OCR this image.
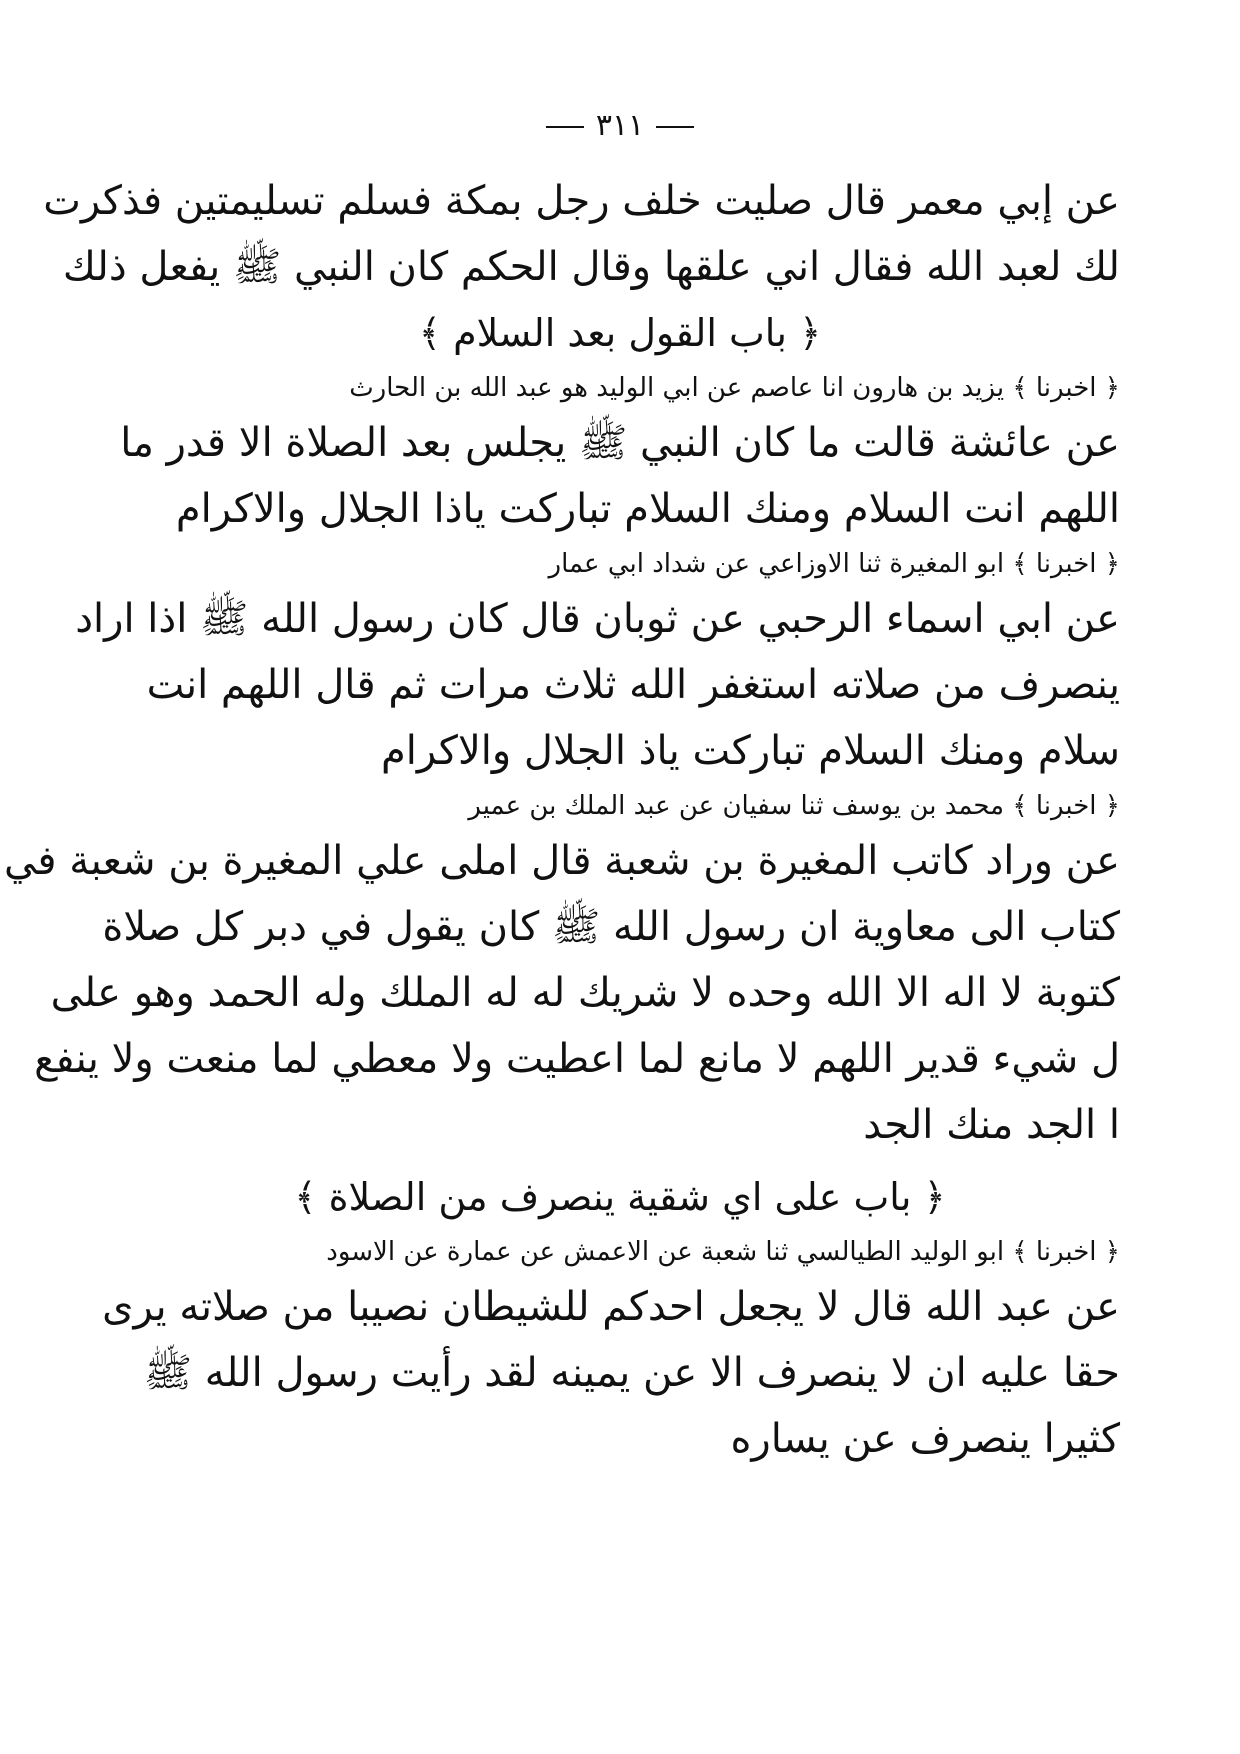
٣١١
عن إبي معمر قال صليت خلف رجل بمكة فسلم تسليمتين فذكرت
لك لعبد الله فقال اني علقها وقال الحكم كان النبي ﷺ يفعل ذلك
﴿ باب القول بعد السلام ﴾
﴿ اخبرنا ﴾ يزيد بن هارون انا عاصم عن ابي الوليد هو عبد الله بن الحارث
عن عائشة قالت ما كان النبي ﷺ يجلس بعد الصلاة الا قدر ما
اللهم انت السلام ومنك السلام تباركت ياذا الجلال والاكرام
﴿ اخبرنا ﴾ ابو المغيرة ثنا الاوزاعي عن شداد ابي عمار
عن ابي اسماء الرحبي عن ثوبان قال كان رسول الله ﷺ اذا اراد
ينصرف من صلاته استغفر الله ثلاث مرات ثم قال اللهم انت
سلام ومنك السلام تباركت ياذ الجلال والاكرام
﴿ اخبرنا ﴾ محمد بن يوسف ثنا سفيان عن عبد الملك بن عمير
عن وراد كاتب المغيرة بن شعبة قال املى علي المغيرة بن شعبة في
كتاب الى معاوية ان رسول الله ﷺ كان يقول في دبر كل صلاة
كتوبة لا اله الا الله وحده لا شريك له له الملك وله الحمد وهو على
ل شيء قدير اللهم لا مانع لما اعطيت ولا معطي لما منعت ولا ينفع
ا الجد منك الجد
﴿ باب على اي شقية ينصرف من الصلاة ﴾
﴿ اخبرنا ﴾ ابو الوليد الطيالسي ثنا شعبة عن الاعمش عن عمارة عن الاسود
عن عبد الله قال لا يجعل احدكم للشيطان نصيبا من صلاته يرى
حقا عليه ان لا ينصرف الا عن يمينه لقد رأيت رسول الله ﷺ
كثيرا ينصرف عن يساره
